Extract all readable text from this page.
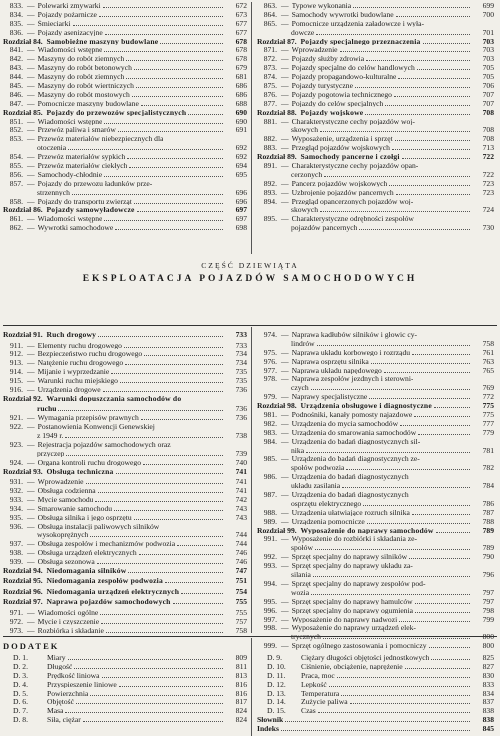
833. — Polewarki zmywarki	672
834. — Pojazdy pożarnicze	673
835. — Śmieciarki	677
836. — Pojazdy asenizacyjne	677
Rozdział 84. Samobieżne maszyny budowlane	678
841. — Wiadomości wstępne	678
842. — Maszyny do robót ziemnych	678
843. — Maszyny do robót betonowych	679
844. — Maszyny do robót ziemnych	681
845. — Maszyny do robót wiertniczych	686
846. — Maszyny do robót mostowych	686
847. — Pomocnicze maszyny budowlane	688
Rozdział 85. Pojazdy do przewozów specjalistycznych	690
851. — Wiadomości wstępne	690
852. — Przewóz paliwa i smarów	691
853. — Przewóz materiałów niebezpiecznych dla
otoczenia	692
854. — Przewóz materiałów sypkich	692
855. — Przewóz materiałów ciekłych	694
856. — Samochody-chłodnie	695
857. — Pojazdy do przewozu ładunków prze-
strzennych	696
858. — Pojazdy do transportu zwierząt	696
Rozdział 86. Pojazdy samowyładowcze	697
861. — Wiadomości wstępne	697
862. — Wywrotki samochodowe	698
863. — Typowe wykonania	699
864. — Samochody wywrotki budowlane	700
865. — Pomocnicze urządzenia załadowcze i wyła-
dowcze	701
Rozdział 87. Pojazdy specjalnego przeznaczenia	703
871. — Wprowadzenie	703
872. — Pojazdy służby zdrowia	703
873. — Pojazdy specjalne do celów handlowych	705
874. — Pojazdy propagandowo-kulturalne	705
875. — Pojazdy turystyczne	706
876. — Pojazdy pogotowia technicznego	707
877. — Pojazdy do celów specjalnych	707
Rozdział 88. Pojazdy wojskowe	708
881. — Charakterystyczne cechy pojazdów woj-
skowych	708
882. — Wyposażenie, urządzenia i sprzęt	708
883. — Przegląd pojazdów wojskowych	713
Rozdział 89. Samochody pancerne i czołgi	722
891. — Charakterystyczne cechy pojazdów opan-
cerzonych	722
892. — Pancerz pojazdów wojskowych	723
893. — Uzbrojenie pojazdów pancernych	723
894. — Przegląd opancerzonych pojazdów woj-
skowych	724
895. — Charakterystyczne odrębności zespołów
pojazdów pancernych	730
CZĘŚĆ DZIEWIĄTA
EKSPLOATACJA POJAZDÓW SAMOCHODOWYCH
Rozdział 91. Ruch drogowy	733
911. — Elementy ruchu drogowego	733
912. — Bezpieczeństwo ruchu drogowego	734
913. — Natężenie ruchu drogowego	734
914. — Mijanie i wyprzedzanie	735
915. — Warunki ruchu miejskiego	735
916. — Urządzenia drogowe	736
Rozdział 92. Warunki dopuszczania samochodów do
ruchu	736
921. — Wymagania przepisów prawnych	736
922. — Postanowienia Konwencji Genewskiej
z 1949 r.	738
923. — Rejestracja pojazdów samochodowych oraz
przyczep	739
924. — Organa kontroli ruchu drogowego	740
Rozdział 93. Obsługa techniczna	741
931. — Wprowadzenie	741
932. — Obsługa codzienna	741
933. — Mycie samochodu	742
934. — Smarowanie samochodu	743
935. — Obsługa silnika i jego osprzętu	743
936. — Obsługa instalacji paliwowych silników
wysokoprężnych	744
937. — Obsługa zespołów i mechanizmów podwozia	744
938. — Obsługa urządzeń elektrycznych	746
939. — Obsługa sezonowa	746
Rozdział 94. Niedomagania silników	747
Rozdział 95. Niedomagania zespołów podwozia	751
Rozdział 96. Niedomagania urządzeń elektrycznych	754
Rozdział 97. Naprawa pojazdów samochodowych	755
971. — Wiadomości ogólne	755
972. — Mycie i czyszczenie	757
973. — Rozbiórka i składanie	758
974. — Naprawa kadłubów silników i głowic cy-
lindrów	758
975. — Naprawa układu korbowego i rozrządu	761
976. — Naprawa osprzętu silnika	763
977. — Naprawa układu napędowego	765
978. — Naprawa zespołów jezdnych i sterowni-
czych	769
979. — Naprawy specjalistyczne	772
Rozdział 98. Urządzenia obsługowe i diagnostyczne	775
981. — Podnośniki, kanały pomosty najazdowe	775
982. — Urządzenia do mycia samochodów	777
983. — Urządzenia do smarowania samochodów	779
984. — Urządzenia do badań diagnostycznych sil-
nika	781
985. — Urządzenia do badań diagnostycznych ze-
społów podwozia	782
986. — Urządzenia do badań diagnostycznych
układu zasilania	784
987. — Urządzenia do badań diagnostycznych
osprzętu elektrycznego	786
988. — Urządzenia ułatwiające rozruch silnika	787
989. — Urządzenia pomocnicze	788
Rozdział 99. Wyposażenie do naprawy samochodów	789
991. — Wyposażenie do rozbiórki i składania ze-
społów	789
992. — Sprzęt specjalny do naprawy silników	790
993. — Sprzęt specjalny do naprawy układu za-
silania	796
994. — Sprzęt specjalny do naprawy zespołów pod-
wozia	797
995. — Sprzęt specjalny do naprawy hamulców	797
996. — Sprzęt specjalny do naprawy ogumienia	798
997. — Wyposażenie do naprawy nadwozi	799
998. — Wyposażenie do naprawy urządzeń elek-
trycznych	800
999. — Sprzęt ogólnego zastosowania i pomocniczy	800
DODATEK
D. 1.	Miary	809
D. 2.	Długość	811
D. 3.	Prędkość liniowa	813
D. 4.	Przyspieszenie liniowe	816
D. 5.	Powierzchnia	816
D. 6.	Objętość	817
D. 7.	Masa	824
D. 8.	Siła, ciężar	824
D. 9.	Ciężary długości objętości jednostkowych	825
D. 10.	Ciśnienie, obciążenie, naprężenie	827
D. 11.	Praca, moc	830
D. 12.	Lepkość	833
D. 13.	Temperatura	834
D. 14.	Zużycie paliwa	837
D. 15.	Czas	838
Słownik	838
Indeks	845
